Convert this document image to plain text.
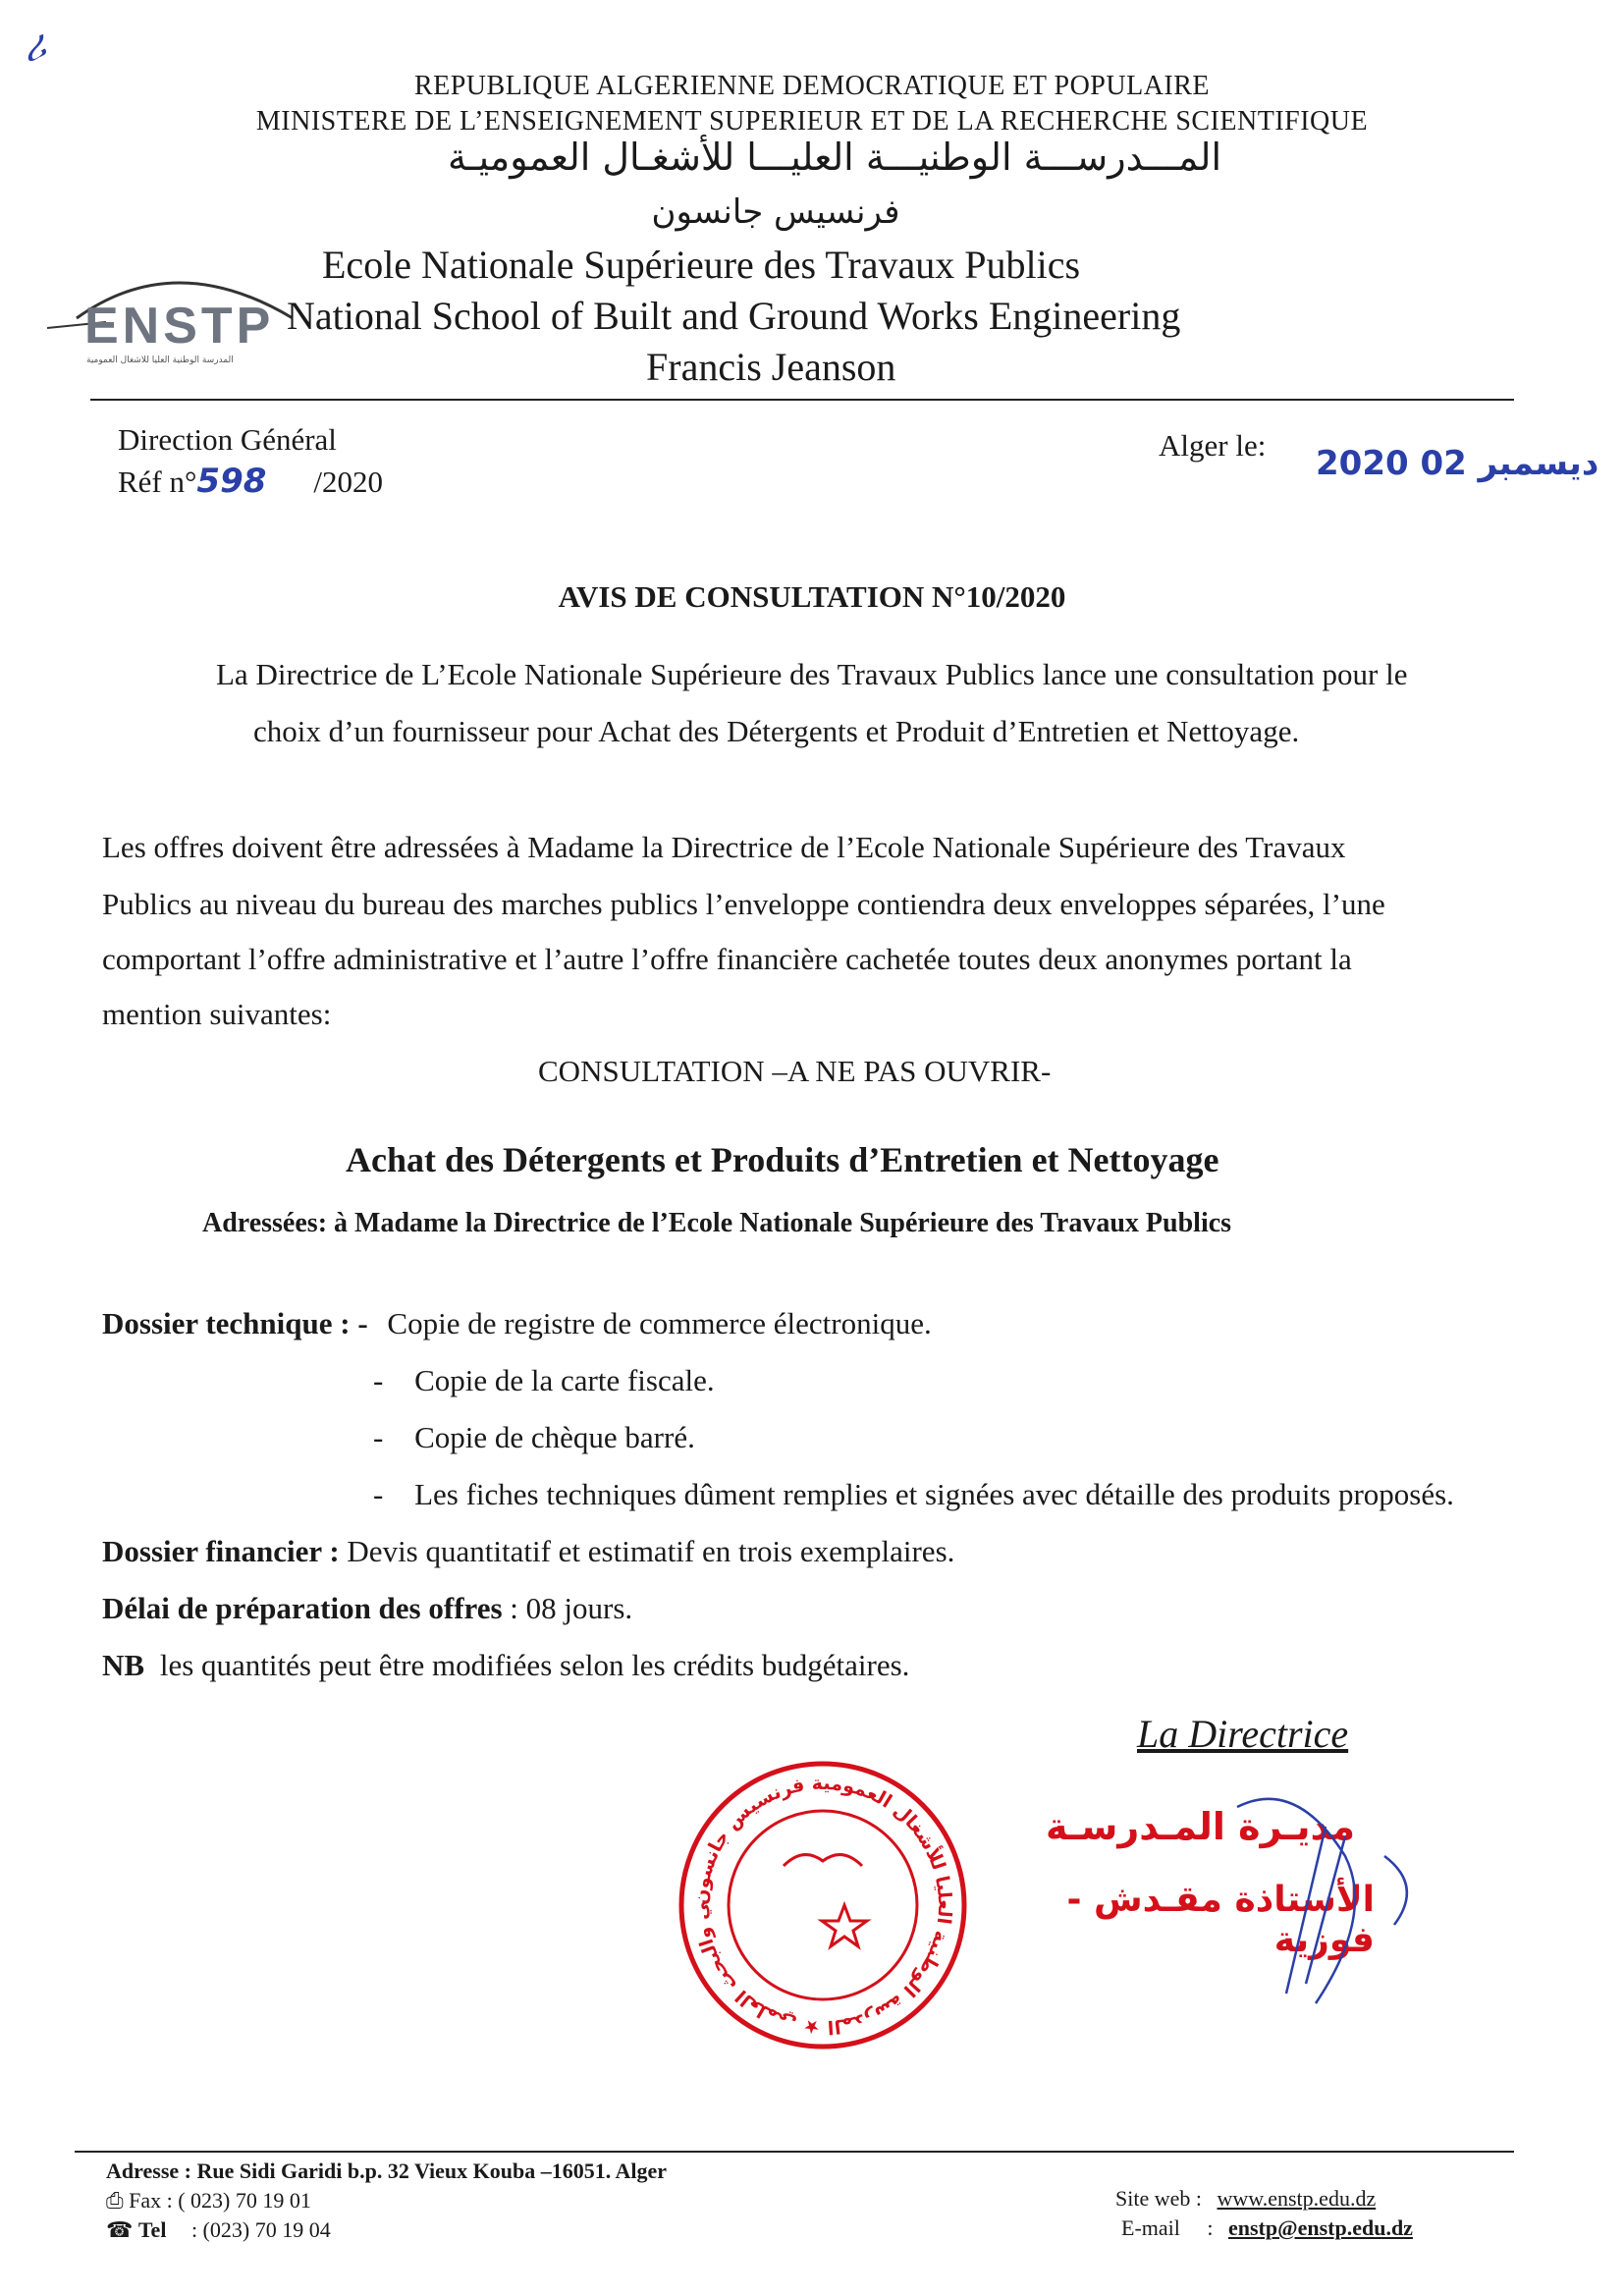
ሪ
REPUBLIQUE ALGERIENNE DEMOCRATIQUE ET POPULAIRE
MINISTERE DE L’ENSEIGNEMENT SUPERIEUR ET DE LA RECHERCHE SCIENTIFIQUE
المـــدرســـة الوطنيـــة العليـــا للأشغـال العموميـة
فرنسيس جانسون
ENSTP
المدرسة الوطنية العليا للأشغال العمومية
Ecole Nationale Supérieure des Travaux Publics
National School of Built and Ground Works Engineering
Francis Jeanson
Direction Général
Réf n°598 /2020
Alger le: 2020 ديسمبر 02
AVIS DE CONSULTATION N°10/2020
La Directrice de L’Ecole Nationale Supérieure des Travaux Publics lance une consultation pour le
choix d’un fournisseur pour Achat des Détergents et Produit d’Entretien et Nettoyage.
Les offres doivent être adressées à Madame la Directrice de l’Ecole Nationale Supérieure des Travaux
Publics au niveau du bureau des marches publics l’enveloppe contiendra deux enveloppes séparées, l’une
comportant l’offre administrative et l’autre l’offre financière cachetée toutes deux anonymes portant la
mention suivantes:
CONSULTATION –A NE PAS OUVRIR-
Achat des Détergents et Produits d’Entretien et Nettoyage
Adressées: à Madame la Directrice de l’Ecole Nationale Supérieure des Travaux Publics
Dossier technique : - Copie de registre de commerce électronique.
- Copie de la carte fiscale.
- Copie de chèque barré.
- Les fiches techniques dûment remplies et signées avec détaille des produits proposés.
Dossier financier : Devis quantitatif et estimatif en trois exemplaires.
Délai de préparation des offres : 08 jours.
NB les quantités peut être modifiées selon les crédits budgétaires.
La Directrice
ي والبحث العلمي ★ المدرسة الوطنية العليا للأشغال العمومية فرنسيس جانسون	مديـرة المـدرسـة
الأستاذة مقـدش - فوزية
Adresse : Rue Sidi Garidi b.p. 32 Vieux Kouba –16051. Alger
⎙ Fax : ( 023) 70 19 01
☎ Tel : (023) 70 19 04
Site web : www.enstp.edu.dz
E-mail : enstp@enstp.edu.dz
